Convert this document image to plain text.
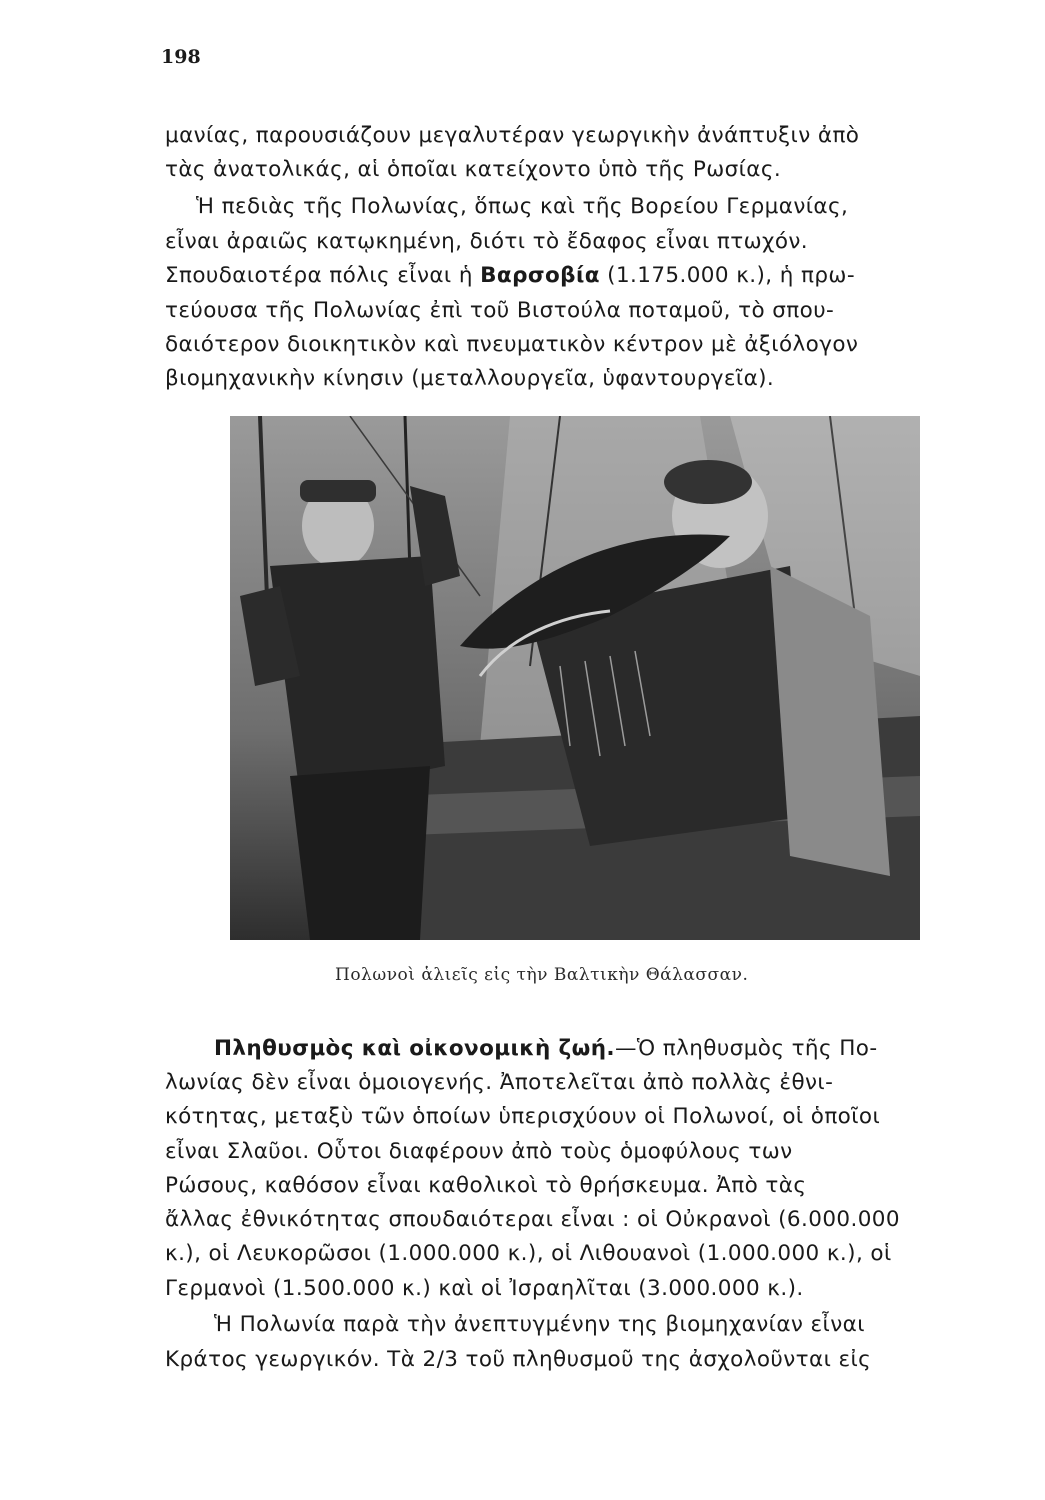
198

μανίας, παρουσιάζουν μεγαλυτέραν γεωργικὴν ἀνάπτυξιν ἀπὸ

τὰς ἀνατολικάς, αἱ ὁποῖαι κατείχοντο ὑπὸ τῆς Ρωσίας.

Ἡ πεδιὰς τῆς Πολωνίας, ὅπως καὶ τῆς Βορείου Γερμανίας,

εἶναι ἀραιῶς κατῳκημένη, διότι τὸ ἔδαφος εἶναι πτωχόν.

Σπουδαιοτέρα πόλις εἶναι ἡ Βαρσοβία (1.175.000 κ.), ἡ πρω-

τεύουσα τῆς Πολωνίας ἐπὶ τοῦ Βιστούλα ποταμοῦ, τὸ σπου-

δαιότερον διοικητικὸν καὶ πνευματικὸν κέντρον μὲ ἀξιόλογον

βιομηχανικὴν κίνησιν (μεταλλουργεῖα, ὑφαντουργεῖα).

Πολωνοὶ ἁλιεῖς εἰς τὴν Βαλτικὴν Θάλασσαν.

Πληθυσμὸς καὶ οἰκονομικὴ ζωή.—Ὁ πληθυσμὸς τῆς Πο-

λωνίας δὲν εἶναι ὁμοιογενής. Ἀποτελεῖται ἀπὸ πολλὰς ἐθνι-

κότητας, μεταξὺ τῶν ὁποίων ὑπερισχύουν οἱ Πολωνοί, οἱ ὁποῖοι

εἶναι Σλαῦοι. Οὗτοι διαφέρουν ἀπὸ τοὺς ὁμοφύλους των

Ρώσους, καθόσον εἶναι καθολικοὶ τὸ θρήσκευμα. Ἀπὸ τὰς

ἄλλας ἐθνικότητας σπουδαιότεραι εἶναι : οἱ Οὐκρανοὶ (6.000.000

κ.), οἱ Λευκορῶσοι (1.000.000 κ.), οἱ Λιθουανοὶ (1.000.000 κ.), οἱ

Γερμανοὶ (1.500.000 κ.) καὶ οἱ Ἰσραηλῖται (3.000.000 κ.).

Ἡ Πολωνία παρὰ τὴν ἀνεπτυγμένην της βιομηχανίαν εἶναι

Κράτος γεωργικόν. Τὰ 2/3 τοῦ πληθυσμοῦ της ἀσχολοῦνται εἰς
